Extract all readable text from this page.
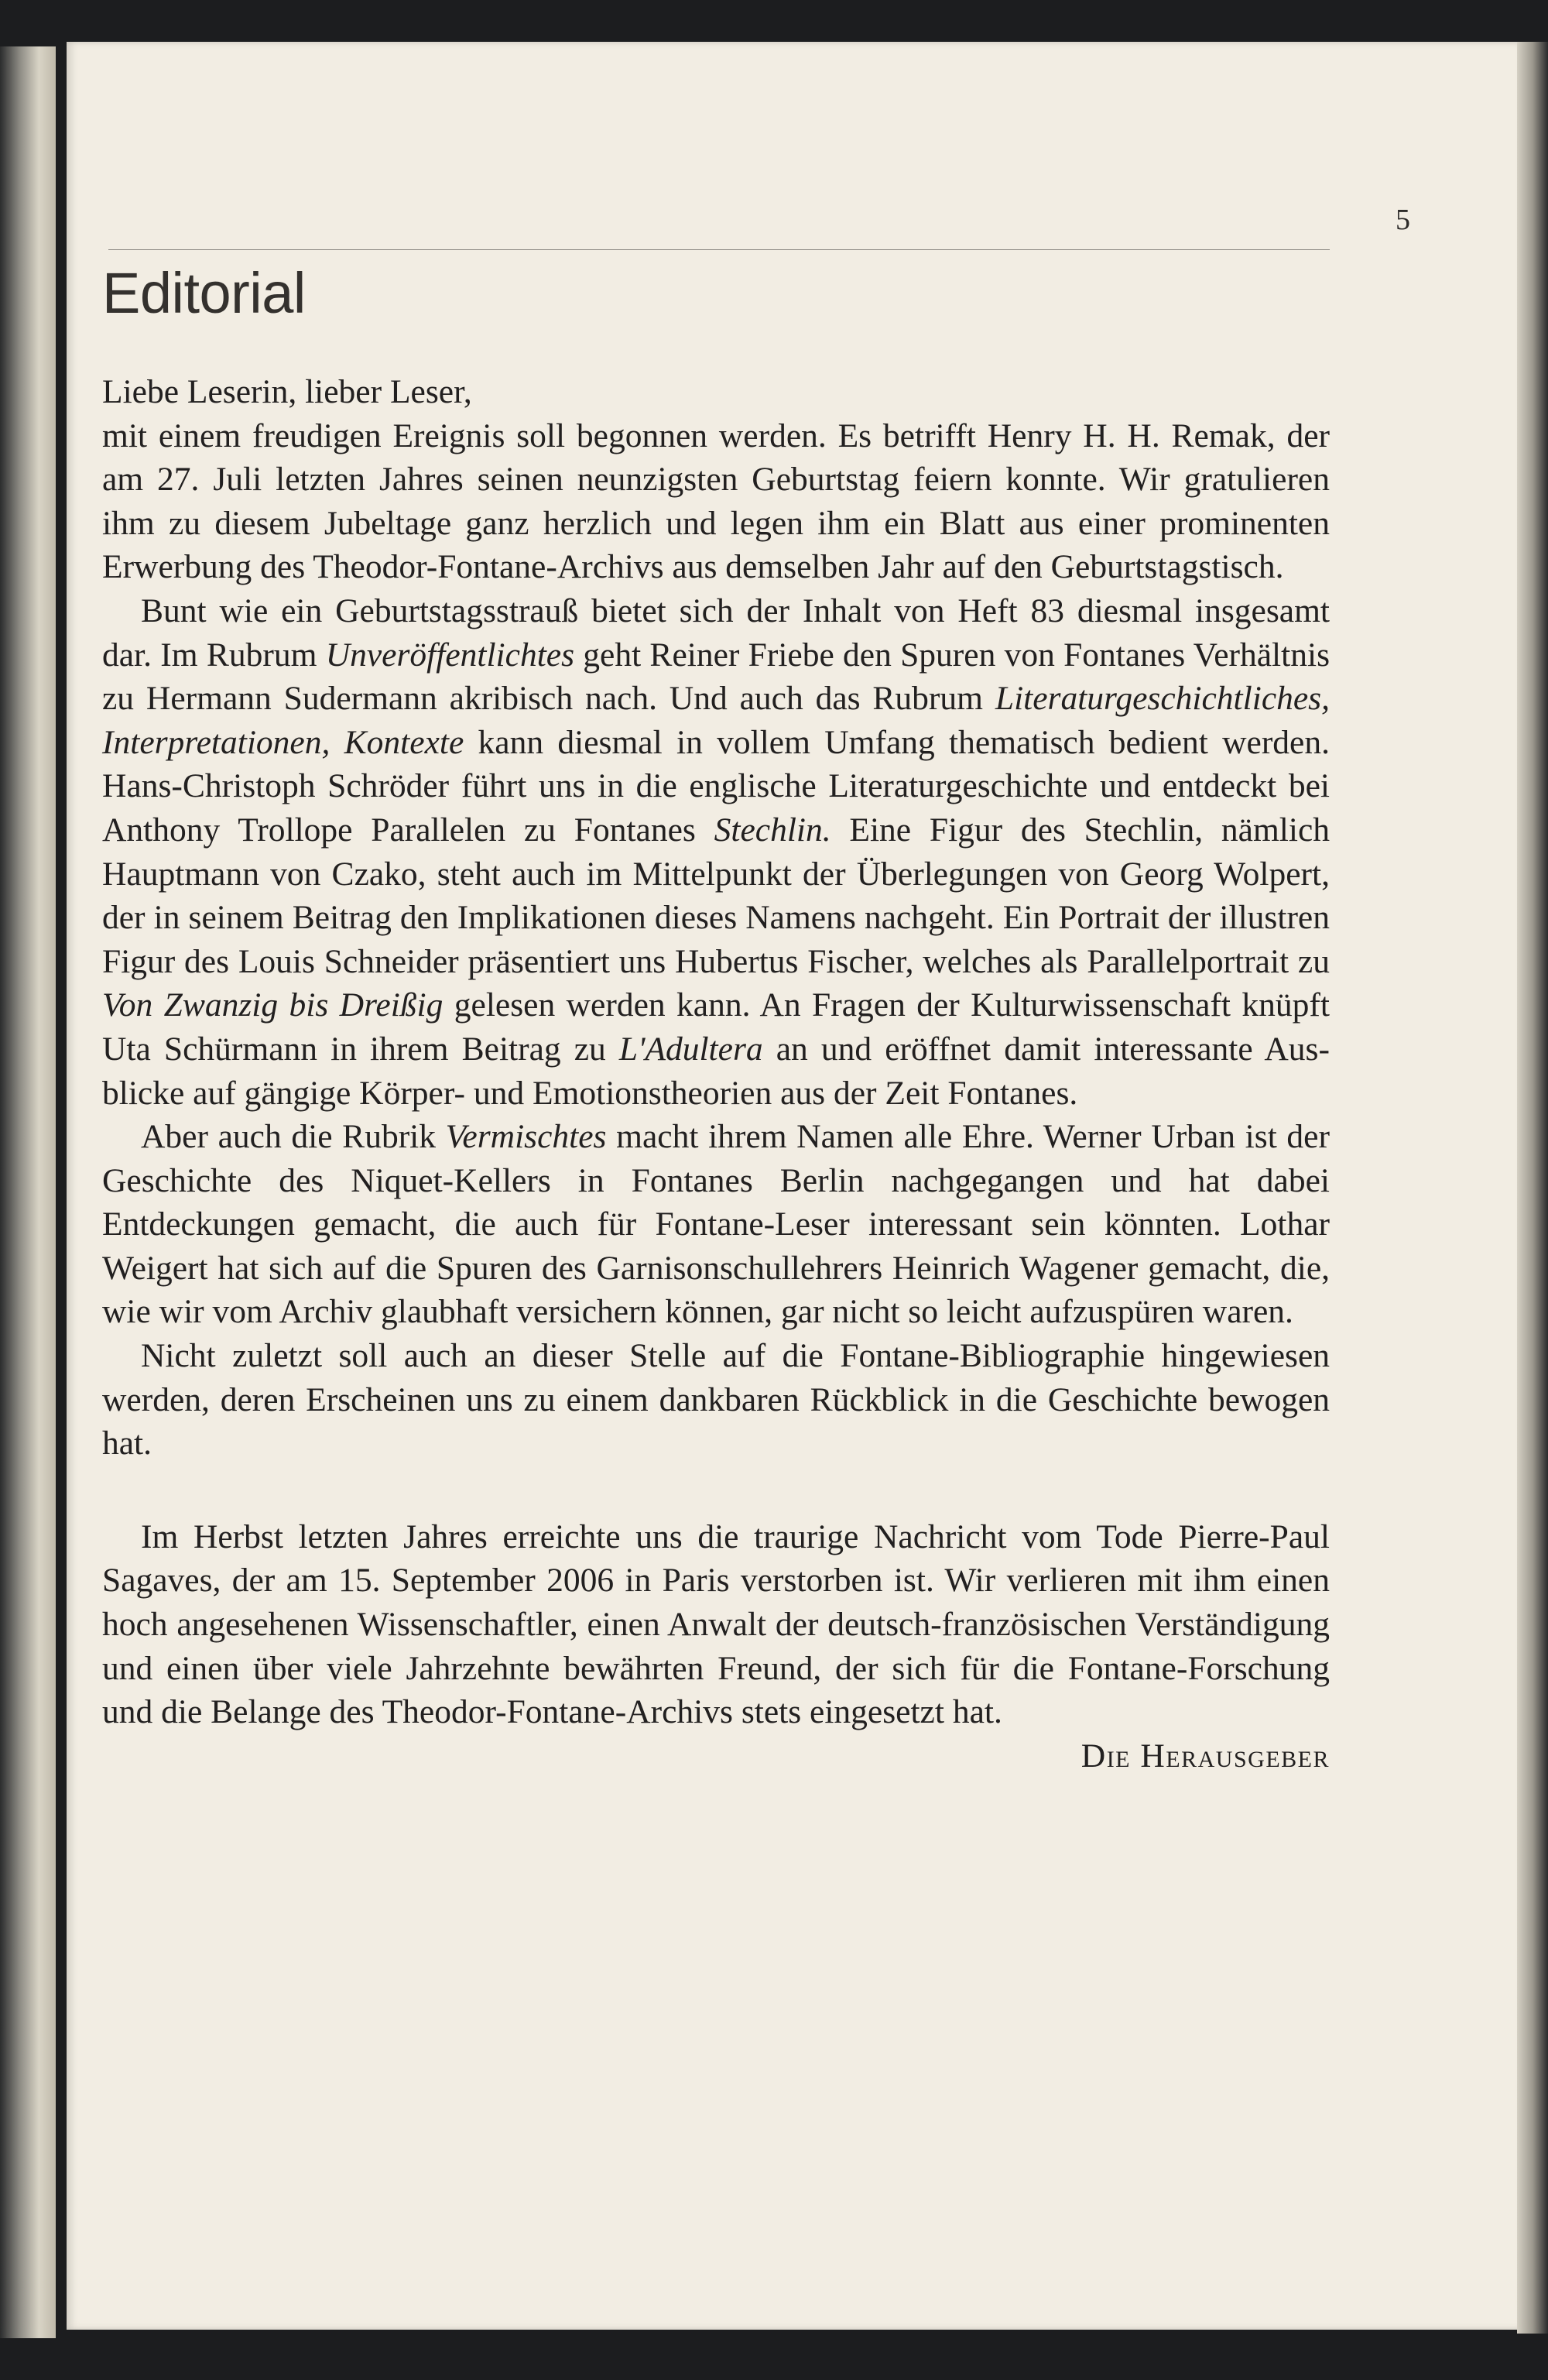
5
Editorial

Liebe Leserin, lieber Leser,

mit einem freudigen Ereignis soll begonnen werden. Es betrifft Henry H. H. Remak, der am 27. Juli letzten Jahres seinen neunzigsten Geburtstag feiern konnte. Wir gratulieren ihm zu diesem Jubeltage ganz herzlich und legen ihm ein Blatt aus einer prominenten Erwerbung des Theodor-Fontane-Archivs aus demselben Jahr auf den Geburtstagstisch.

Bunt wie ein Geburtstagsstrauß bietet sich der Inhalt von Heft 83 diesmal insgesamt dar. Im Rubrum Unveröffentlichtes geht Reiner Friebe den Spuren von Fontanes Verhältnis zu Hermann Sudermann akribisch nach. Und auch das Rubrum Literaturgeschichtliches, Interpretationen, Kontexte kann diesmal in vollem Umfang thematisch bedient werden. Hans-Christoph Schröder führt uns in die englische Literaturgeschichte und entdeckt bei Anthony Trollope Parallelen zu Fontanes Stechlin. Eine Figur des Stechlin, nämlich Hauptmann von Czako, steht auch im Mittelpunkt der Überlegungen von Georg Wolpert, der in seinem Beitrag den Implikationen dieses Namens nachgeht. Ein Portrait der illustren Figur des Louis Schneider präsentiert uns Hubertus Fischer, welches als Parallelportrait zu Von Zwanzig bis Dreißig gelesen werden kann. An Fragen der Kulturwissenschaft knüpft Uta Schürmann in ihrem Beitrag zu L'Adultera an und eröffnet damit interessante Ausblicke auf gängige Körper- und Emotionstheorien aus der Zeit Fontanes.

Aber auch die Rubrik Vermischtes macht ihrem Namen alle Ehre. Werner Urban ist der Geschichte des Niquet-Kellers in Fontanes Berlin nachgegangen und hat dabei Entdeckungen gemacht, die auch für Fontane-Leser interessant sein könnten. Lothar Weigert hat sich auf die Spuren des Garnisonschullehrers Heinrich Wagener gemacht, die, wie wir vom Archiv glaubhaft versichern können, gar nicht so leicht aufzuspüren waren.

Nicht zuletzt soll auch an dieser Stelle auf die Fontane-Bibliographie hingewiesen werden, deren Erscheinen uns zu einem dankbaren Rückblick in die Geschichte bewogen hat.

Im Herbst letzten Jahres erreichte uns die traurige Nachricht vom Tode Pierre-Paul Sagaves, der am 15. September 2006 in Paris verstorben ist. Wir verlieren mit ihm einen hoch angesehenen Wissenschaftler, einen Anwalt der deutsch-französischen Verständigung und einen über viele Jahrzehnte bewährten Freund, der sich für die Fontane-Forschung und die Belange des Theodor-Fontane-Archivs stets eingesetzt hat.

Die Herausgeber
